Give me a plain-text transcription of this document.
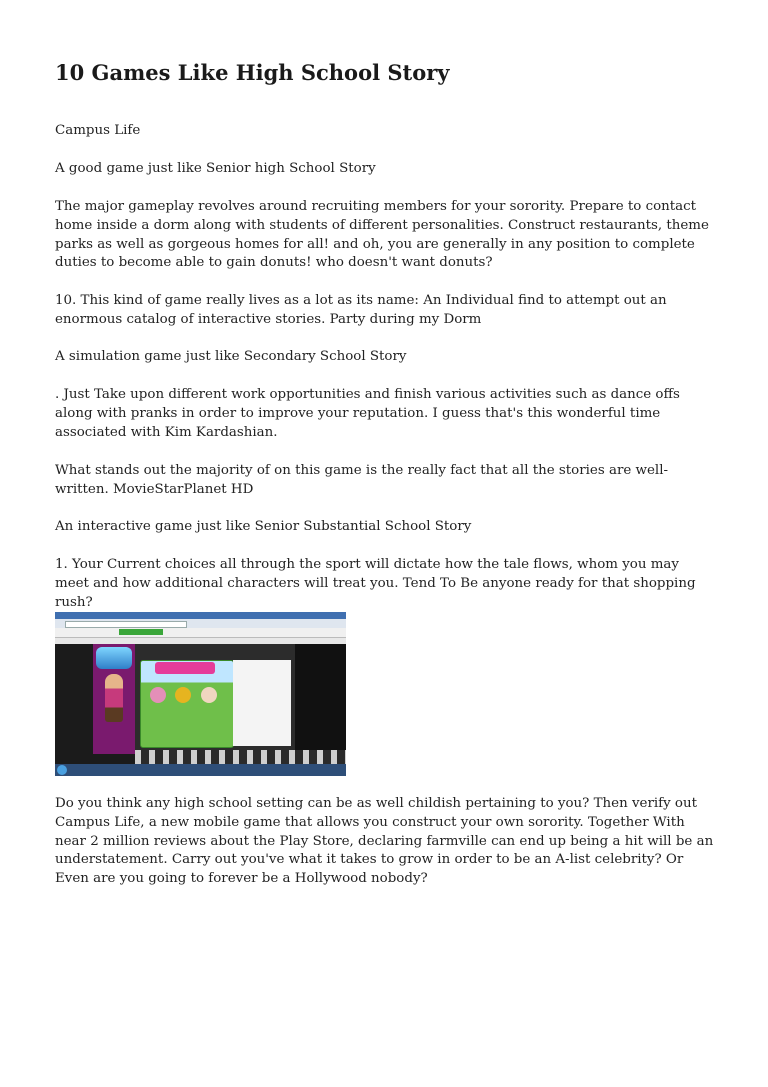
10 Games Like High School Story

Campus Life

A good game just like Senior high School Story

The major gameplay revolves around recruiting members for your sorority. Prepare to contact home inside a dorm along with students of different personalities. Construct restaurants, theme parks as well as gorgeous homes for all! and oh, you are generally in any position to complete duties to become able to gain donuts! who doesn't want donuts?

10. This kind of game really lives as a lot as its name: An Individual find to attempt out an enormous catalog of interactive stories. Party during my Dorm

A simulation game just like Secondary School Story

. Just Take upon different work opportunities and finish various activities such as dance offs along with pranks in order to improve your reputation. I guess that's this wonderful time associated with Kim Kardashian.

What stands out the majority of on this game is the really fact that all the stories are well-written. MovieStarPlanet HD

An interactive game just like Senior Substantial School Story

1. Your Current choices all through the sport will dictate how the tale flows, whom you may meet and how additional characters will treat you. Tend To Be anyone ready for that shopping rush?

Do you think any high school setting can be as well childish pertaining to you? Then verify out Campus Life, a new mobile game that allows you construct your own sorority. Together With near 2 million reviews about the Play Store, declaring farmville can end up being a hit will be an understatement. Carry out you've what it takes to grow in order to be an A-list celebrity? Or Even are you going to forever be a Hollywood nobody?
